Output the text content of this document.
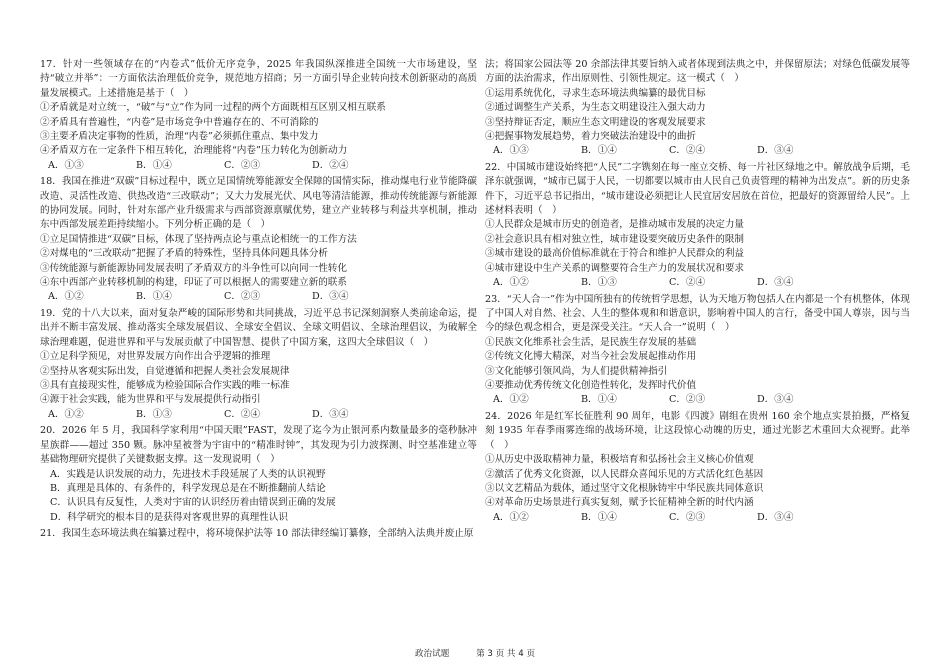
17．针对一些领域存在的“内卷式”低价无序竞争，2025 年我国纵深推进全国统一大市场建设，坚持“破立并举”：一方面依法治理低价竞争，规范地方招商；另一方面引导企业转向技术创新驱动的高质量发展模式。上述措施是基于（　）

①矛盾就是对立统一，“破”与“立”作为同一过程的两个方面既相互区别又相互联系

②矛盾具有普遍性，“内卷”是市场竞争中普遍存在的、不可消除的

③主要矛盾决定事物的性质，治理“内卷”必须抓住重点、集中发力

④矛盾双方在一定条件下相互转化，治理能将“内卷”压力转化为创新动力

A．①③	B．①④	C．②③	D．②④

18．我国在推进“双碳”目标过程中，既立足国情统筹能源安全保障的国情实际，推动煤电行业节能降碳改造、灵活性改造、供热改造“三改联动”；又大力发展光伏、风电等清洁能源，推动传统能源与新能源的协同发展。同时，针对东部产业升级需求与西部资源禀赋优势，建立产业转移与利益共享机制，推动东中西部发展差距持续缩小。下列分析正确的是（　）

①立足国情推进“双碳”目标，体现了坚持两点论与重点论相统一的工作方法

②对煤电的“三改联动”把握了矛盾的特殊性，坚持具体问题具体分析

③传统能源与新能源协同发展表明了矛盾双方的斗争性可以向同一性转化

④东中西部产业转移机制的构建，印证了可以根据人的需要建立新的联系

A．①②	B．①④	C．②③	D．③④

19．党的十八大以来，面对复杂严峻的国际形势和共同挑战，习近平总书记深刻洞察人类前途命运，提出并不断丰富发展、推动落实全球发展倡议、全球安全倡议、全球文明倡议、全球治理倡议，为破解全球治理难题，促进世界和平与发展贡献了中国智慧、提供了中国方案，这四大全球倡议（　）

①立足科学预见，对世界发展方向作出合乎逻辑的推理

②坚持从客观实际出发，自觉遵循和把握人类社会发展规律

③具有直接现实性，能够成为检验国际合作实践的唯一标准

④源于社会实践，能为世界和平与发展提供行动指引

A．①②	B．①③	C．②④	D．③④

20．2026 年 5 月，我国科学家利用“中国天眼”FAST，发现了迄今为止银河系内数量最多的毫秒脉冲星族群——超过 350 颗。脉冲星被誉为宇宙中的“精准时钟”，其发现为引力波探测、时空基准建立等基础物理研究提供了关键数据支撑。这一发现说明（　）

A．实践是认识发展的动力，先进技术手段延展了人类的认识视野

B．真理是具体的、有条件的，科学发现总是在不断推翻前人结论

C．认识具有反复性，人类对宇宙的认识经历着由错误到正确的发展

D．科学研究的根本目的是获得对客观世界的真理性认识

21．我国生态环境法典在编纂过程中，将环境保护法等 10 部法律经编订纂修，全部纳入法典并废止原

法；将国家公园法等 20 余部法律其要旨纳入或者体现到法典之中，并保留原法；对绿色低碳发展等方面的法治需求，作出原则性、引领性规定。这一模式（　）

①运用系统优化，寻求生态环境法典编纂的最优目标

②通过调整生产关系，为生态文明建设注入强大动力

③坚持辩证否定，顺应生态文明建设的客观发展要求

④把握事物发展趋势，着力突破法治建设中的曲折

A．①③	B．①④	C．②④	D．③④

22．中国城市建设始终把“人民”二字镌刻在每一座立交桥、每一片社区绿地之中。解放战争后期，毛泽东就强调，“城市已属于人民，一切都要以城市由人民自己负责管理的精神为出发点”。新的历史条件下，习近平总书记指出，“城市建设必须把让人民宜居安居放在首位，把最好的资源留给人民”。上述材料表明（　）

①人民群众是城市历史的创造者，是推动城市发展的决定力量

②社会意识具有相对独立性，城市建设要突破历史条件的限制

③城市建设的最高价值标准就在于符合和维护人民群众的利益

④城市建设中生产关系的调整要符合生产力的发展状况和要求

A．①②	B．①③	C．②④	D．③④

23．“天人合一”作为中国所独有的传统哲学思想，认为天地万物包括人在内都是一个有机整体，体现了中国人对自然、社会、人生的整体观和和谐意识，影响着中国人的言行，备受中国人尊崇，因与当今的绿色观念相合，更是深受关注。“天人合一”说明（　）

①民族文化维系社会生活，是民族生存发展的基础

②传统文化博大精深，对当今社会发展起推动作用

③文化能够引领风尚，为人们提供精神指引

④要推动优秀传统文化创造性转化，发挥时代价值

A．①②	B．①④	C．②③	D．③④

24．2026 年是红军长征胜利 90 周年，电影《四渡》剧组在贵州 160 余个地点实景拍摄，严格复刻 1935 年春季雨雾连绵的战场环境，让这段惊心动魄的历史，通过光影艺术重回大众视野。此举（　）

①从历史中汲取精神力量，积极培育和弘扬社会主义核心价值观

②激活了优秀文化资源，以人民群众喜闻乐见的方式活化红色基因

③以文艺精品为载体，通过坚守文化根脉铸牢中华民族共同体意识

④对革命历史场景进行真实复刻，赋予长征精神全新的时代内涵

A．①②	B．①④	C．②③	D．③④
政治试题	第 3 页 共 4 页
